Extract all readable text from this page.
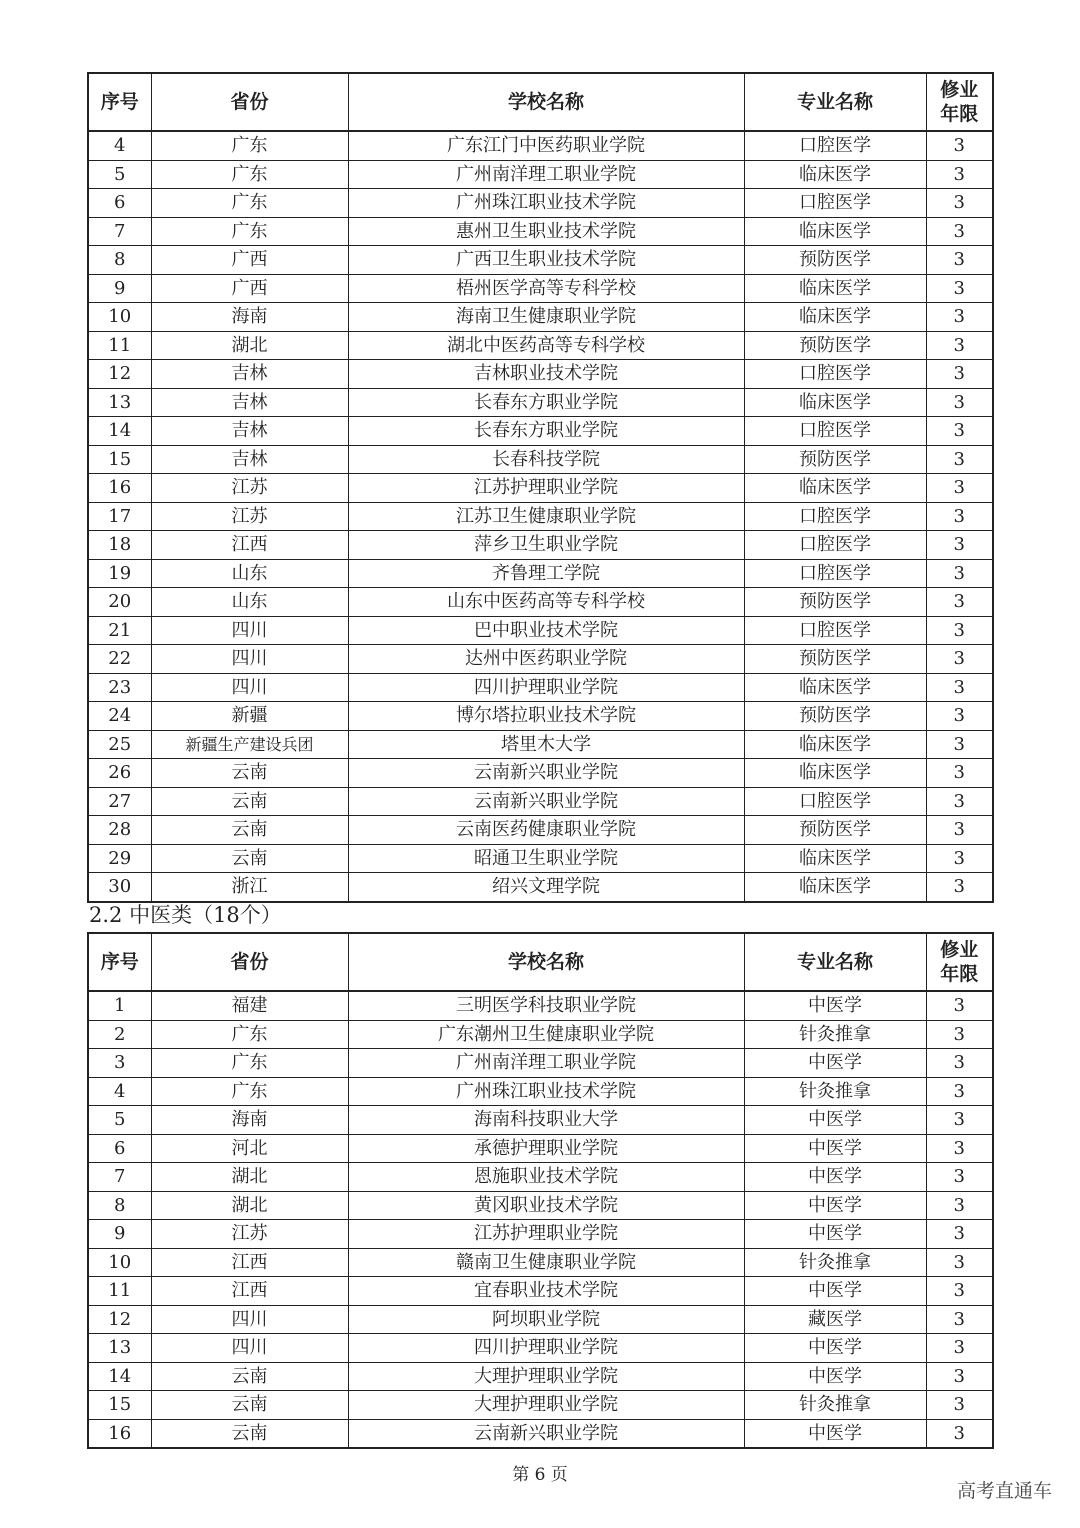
序号	省份	学校名称	专业名称	修业年限
4	广东	广东江门中医药职业学院	口腔医学	3
5	广东	广州南洋理工职业学院	临床医学	3
6	广东	广州珠江职业技术学院	口腔医学	3
7	广东	惠州卫生职业技术学院	临床医学	3
8	广西	广西卫生职业技术学院	预防医学	3
9	广西	梧州医学高等专科学校	临床医学	3
10	海南	海南卫生健康职业学院	临床医学	3
11	湖北	湖北中医药高等专科学校	预防医学	3
12	吉林	吉林职业技术学院	口腔医学	3
13	吉林	长春东方职业学院	临床医学	3
14	吉林	长春东方职业学院	口腔医学	3
15	吉林	长春科技学院	预防医学	3
16	江苏	江苏护理职业学院	临床医学	3
17	江苏	江苏卫生健康职业学院	口腔医学	3
18	江西	萍乡卫生职业学院	口腔医学	3
19	山东	齐鲁理工学院	口腔医学	3
20	山东	山东中医药高等专科学校	预防医学	3
21	四川	巴中职业技术学院	口腔医学	3
22	四川	达州中医药职业学院	预防医学	3
23	四川	四川护理职业学院	临床医学	3
24	新疆	博尔塔拉职业技术学院	预防医学	3
25	新疆生产建设兵团	塔里木大学	临床医学	3
26	云南	云南新兴职业学院	临床医学	3
27	云南	云南新兴职业学院	口腔医学	3
28	云南	云南医药健康职业学院	预防医学	3
29	云南	昭通卫生职业学院	临床医学	3
30	浙江	绍兴文理学院	临床医学	3
2.2 中医类（18个）
序号	省份	学校名称	专业名称	修业年限
1	福建	三明医学科技职业学院	中医学	3
2	广东	广东潮州卫生健康职业学院	针灸推拿	3
3	广东	广州南洋理工职业学院	中医学	3
4	广东	广州珠江职业技术学院	针灸推拿	3
5	海南	海南科技职业大学	中医学	3
6	河北	承德护理职业学院	中医学	3
7	湖北	恩施职业技术学院	中医学	3
8	湖北	黄冈职业技术学院	中医学	3
9	江苏	江苏护理职业学院	中医学	3
10	江西	赣南卫生健康职业学院	针灸推拿	3
11	江西	宜春职业技术学院	中医学	3
12	四川	阿坝职业学院	藏医学	3
13	四川	四川护理职业学院	中医学	3
14	云南	大理护理职业学院	中医学	3
15	云南	大理护理职业学院	针灸推拿	3
16	云南	云南新兴职业学院	中医学	3
第 6 页
高考直通车
